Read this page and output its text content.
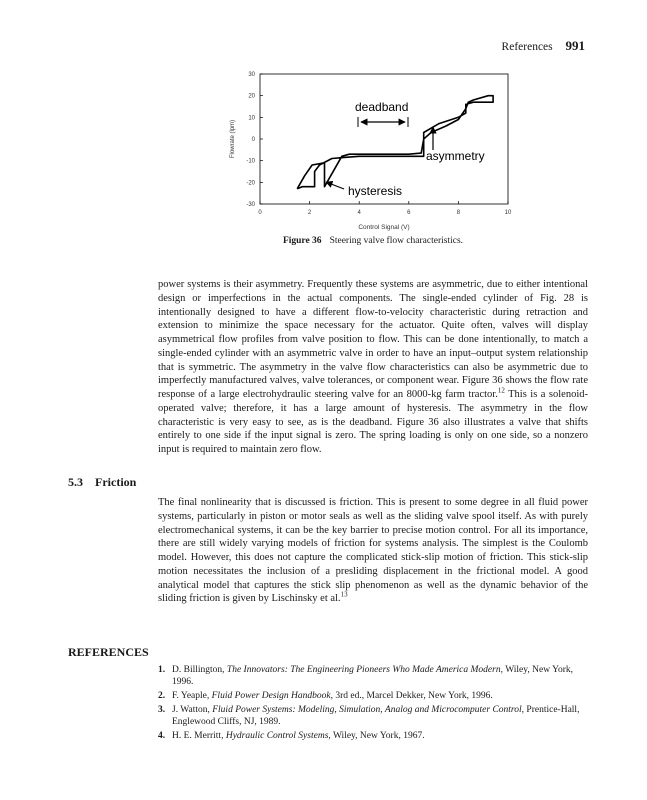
References 991
0	2	4	6	8	10
30
20
10
0
-10
-20
-30
Control Signal (V)
Flowrate (lpm)
deadband
asymmetry
hysteresis
Figure 36 Steering valve flow characteristics.

power systems is their asymmetry. Frequently these systems are asymmetric, due to either intentional design or imperfections in the actual components. The single-ended cylinder of Fig. 28 is intentionally designed to have a different flow-to-velocity characteristic during retraction and extension to minimize the space necessary for the actuator. Quite often, valves will display asymmetrical flow profiles from valve position to flow. This can be done intentionally, to match a single-ended cylinder with an asymmetric valve in order to have an input–output system relationship that is symmetric. The asymmetry in the valve flow characteristics can also be asymmetric due to imperfectly manufactured valves, valve tolerances, or component wear. Figure 36 shows the flow rate response of a large electrohydraulic steering valve for an 8000-kg farm tractor.$^{12}$ This is a solenoid-operated valve; therefore, it has a large amount of hysteresis. The asymmetry in the flow characteristic is very easy to see, as is the deadband. Figure 36 also illustrates a valve that shifts entirely to one side if the input signal is zero. The spring loading is only on one side, so a nonzero input is required to maintain zero flow.

5.3 Friction

The final nonlinearity that is discussed is friction. This is present to some degree in all fluid power systems, particularly in piston or motor seals as well as the sliding valve spool itself. As with purely electromechanical systems, it can be the key barrier to precise motion control. For all its importance, there are still widely varying models of friction for systems analysis. The simplest is the Coulomb model. However, this does not capture the complicated stick-slip motion of friction. This stick-slip motion necessitates the inclusion of a presliding displacement in the frictional model. A good analytical model that captures the stick slip phenomenon as well as the dynamic behavior of the sliding friction is given by Lischinsky et al.$^{13}$

REFERENCES
1. D. Billington, The Innovators: The Engineering Pioneers Who Made America Modern, Wiley, New York, 1996.
2. F. Yeaple, Fluid Power Design Handbook, 3rd ed., Marcel Dekker, New York, 1996.
3. J. Watton, Fluid Power Systems: Modeling, Simulation, Analog and Microcomputer Control, Prentice-Hall, Englewood Cliffs, NJ, 1989.
4. H. E. Merritt, Hydraulic Control Systems, Wiley, New York, 1967.
